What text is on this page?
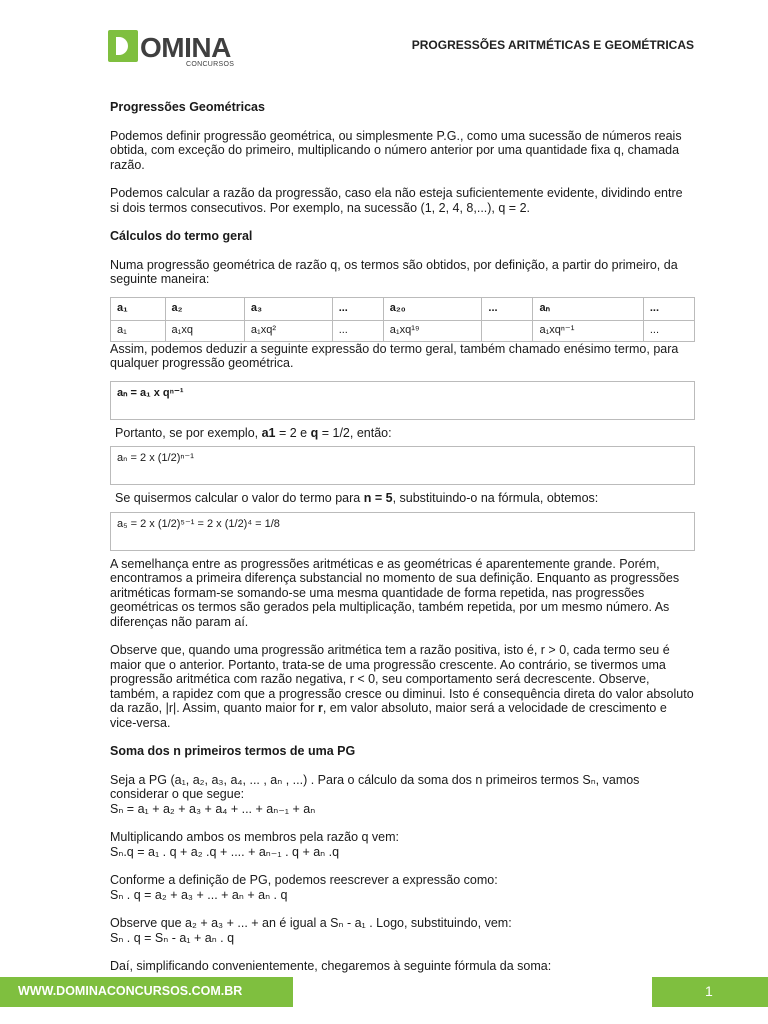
OMINA
CONCURSOS
PROGRESSÕES ARITMÉTICAS E GEOMÉTRICAS

Progressões Geométricas

Podemos definir progressão geométrica, ou simplesmente P.G., como uma sucessão de números reais obtida, com exceção do primeiro, multiplicando o número anterior por uma quantidade fixa q, chamada razão.

Podemos calcular a razão da progressão, caso ela não esteja suficientemente evidente, dividindo entre si dois termos consecutivos. Por exemplo, na sucessão (1, 2, 4, 8,...), q = 2.

Cálculos do termo geral

Numa progressão geométrica de razão q, os termos são obtidos, por definição, a partir do primeiro, da seguinte maneira:

a₁	a₂	a₃	...	a₂₀	...	aₙ	...
a₁	a₁xq	a₁xq²	...	a₁xq¹⁹		a₁xqⁿ⁻¹	...

Assim, podemos deduzir a seguinte expressão do termo geral, também chamado enésimo termo, para qualquer progressão geométrica.

aₙ = a₁ x qⁿ⁻¹

Portanto, se por exemplo, a1 = 2 e q = 1/2, então:

aₙ = 2 x (1/2)ⁿ⁻¹

Se quisermos calcular o valor do termo para n = 5, substituindo-o na fórmula, obtemos:

a₅ = 2 x (1/2)⁵⁻¹ = 2 x (1/2)⁴ = 1/8

A semelhança entre as progressões aritméticas e as geométricas é aparentemente grande. Porém, encontramos a primeira diferença substancial no momento de sua definição. Enquanto as progressões aritméticas formam-se somando-se uma mesma quantidade de forma repetida, nas progressões geométricas os termos são gerados pela multiplicação, também repetida, por um mesmo número. As diferenças não param aí.

Observe que, quando uma progressão aritmética tem a razão positiva, isto é, r > 0, cada termo seu é maior que o anterior. Portanto, trata-se de uma progressão crescente. Ao contrário, se tivermos uma progressão aritmética com razão negativa, r < 0, seu comportamento será decrescente. Observe, também, a rapidez com que a progressão cresce ou diminui. Isto é consequência direta do valor absoluto da razão, |r|. Assim, quanto maior for r, em valor absoluto, maior será a velocidade de crescimento e vice-versa.

Soma dos n primeiros termos de uma PG

Seja a PG (a₁, a₂, a₃, a₄, ... , aₙ , ...) . Para o cálculo da soma dos n primeiros termos Sₙ, vamos considerar o que segue:
Sₙ = a₁ + a₂ + a₃ + a₄ + ... + aₙ₋₁ + aₙ

Multiplicando ambos os membros pela razão q vem:
Sₙ.q = a₁ . q + a₂ .q + .... + aₙ₋₁ . q + aₙ .q

Conforme a definição de PG, podemos reescrever a expressão como:
Sₙ . q = a₂ + a₃ + ... + aₙ + aₙ . q

Observe que a₂ + a₃ + ... + an é igual a Sₙ - a₁ . Logo, substituindo, vem:
Sₙ . q = Sₙ - a₁ + aₙ . q

Daí, simplificando convenientemente, chegaremos à seguinte fórmula da soma:

WWW.DOMINACONCURSOS.COM.BR	1
